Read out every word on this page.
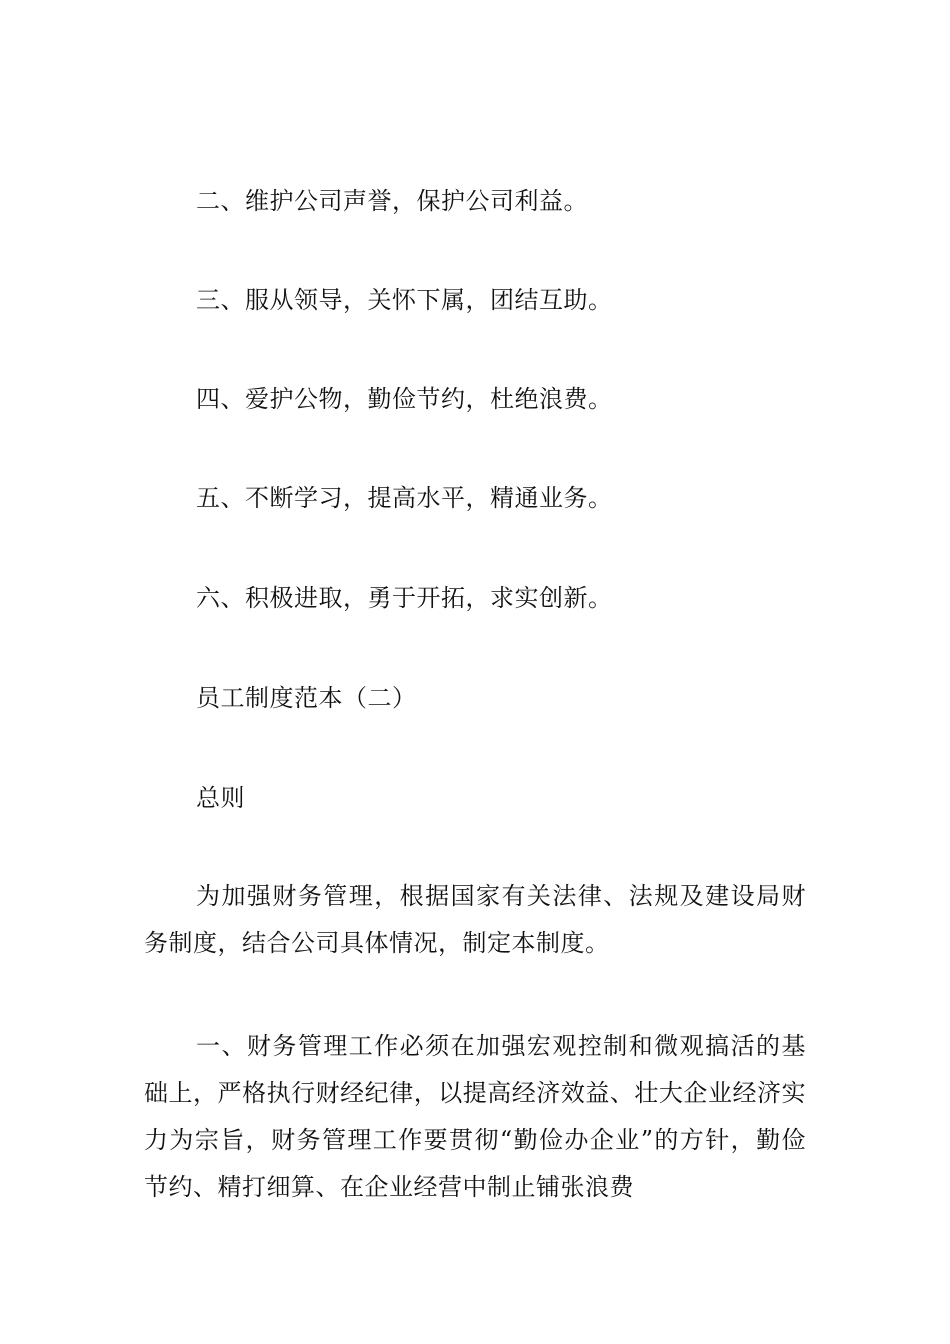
二、维护公司声誉，保护公司利益。
三、服从领导，关怀下属，团结互助。
四、爱护公物，勤俭节约，杜绝浪费。
五、不断学习，提高水平，精通业务。
六、积极进取，勇于开拓，求实创新。
员工制度范本（二）
总则
为加强财务管理，根据国家有关法律、法规及建设局财务制度，结合公司具体情况，制定本制度。
一、财务管理工作必须在加强宏观控制和微观搞活的基础上，严格执行财经纪律，以提高经济效益、壮大企业经济实力为宗旨，财务管理工作要贯彻“勤俭办企业”的方针，勤俭节约、精打细算、在企业经营中制止铺张浪费
